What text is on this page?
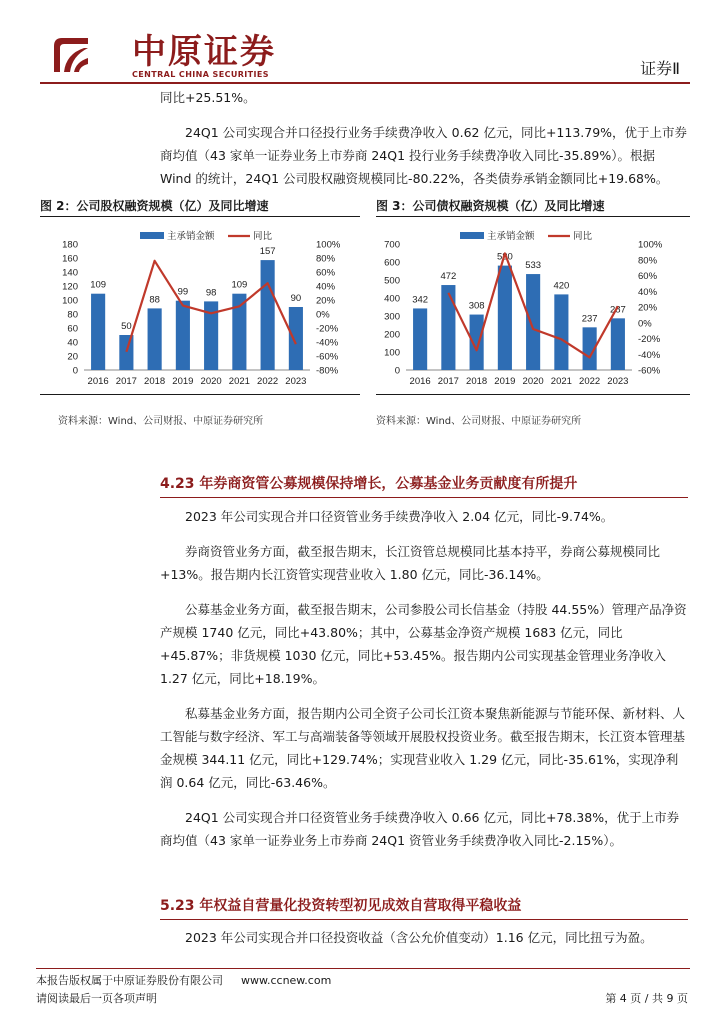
中原证券
CENTRAL CHINA SECURITIES	证券Ⅱ

同比+25.51%。

24Q1 公司实现合并口径投行业务手续费净收入 0.62 亿元，同比+113.79%，优于上市券商均值（43 家单一证券业务上市券商 24Q1 投行业务手续费净收入同比-35.89%）。根据 Wind 的统计，24Q1 公司股权融资规模同比-80.22%，各类债券承销金额同比+19.68%。

图 2：公司股权融资规模（亿）及同比增速
0
20
40
60
80
100
120
140
160
180
-80%
-60%
-40%
-20%
0%
20%
40%
60%
80%
100%
109
2016
50
2017
88
2018
99
2019
98
2020
109
2021
157
2022
90
2023
主承销金额	同比
资料来源：Wind、公司财报、中原证券研究所
图 3：公司债权融资规模（亿）及同比增速
0
100
200
300
400
500
600
700
-60%
-40%
-20%
0%
20%
40%
60%
80%
100%
342
2016
472
2017
308
2018
580
2019
533
2020
420
2021
237
2022
287
2023
主承销金额	同比
资料来源：Wind、公司财报、中原证券研究所
4.23 年券商资管公募规模保持增长，公募基金业务贡献度有所提升

2023 年公司实现合并口径资管业务手续费净收入 2.04 亿元，同比-9.74%。

券商资管业务方面，截至报告期末，长江资管总规模同比基本持平，券商公募规模同比+13%。报告期内长江资管实现营业收入 1.80 亿元，同比-36.14%。

公募基金业务方面，截至报告期末，公司参股公司长信基金（持股 44.55%）管理产品净资产规模 1740 亿元，同比+43.80%；其中，公募基金净资产规模 1683 亿元，同比+45.87%；非货规模 1030 亿元，同比+53.45%。报告期内公司实现基金管理业务净收入 1.27 亿元，同比+18.19%。

私募基金业务方面，报告期内公司全资子公司长江资本聚焦新能源与节能环保、新材料、人工智能与数字经济、军工与高端装备等领域开展股权投资业务。截至报告期末，长江资本管理基金规模 344.11 亿元，同比+129.74%；实现营业收入 1.29 亿元，同比-35.61%，实现净利润 0.64 亿元，同比-63.46%。

24Q1 公司实现合并口径资管业务手续费净收入 0.66 亿元，同比+78.38%，优于上市券商均值（43 家单一证券业务上市券商 24Q1 资管业务手续费净收入同比-2.15%）。

5.23 年权益自营量化投资转型初见成效自营取得平稳收益

2023 年公司实现合并口径投资收益（含公允价值变动）1.16 亿元，同比扭亏为盈。

本报告版权属于中原证券股份有限公司 www.ccnew.com
请阅读最后一页各项声明	第 4 页 / 共 9 页
